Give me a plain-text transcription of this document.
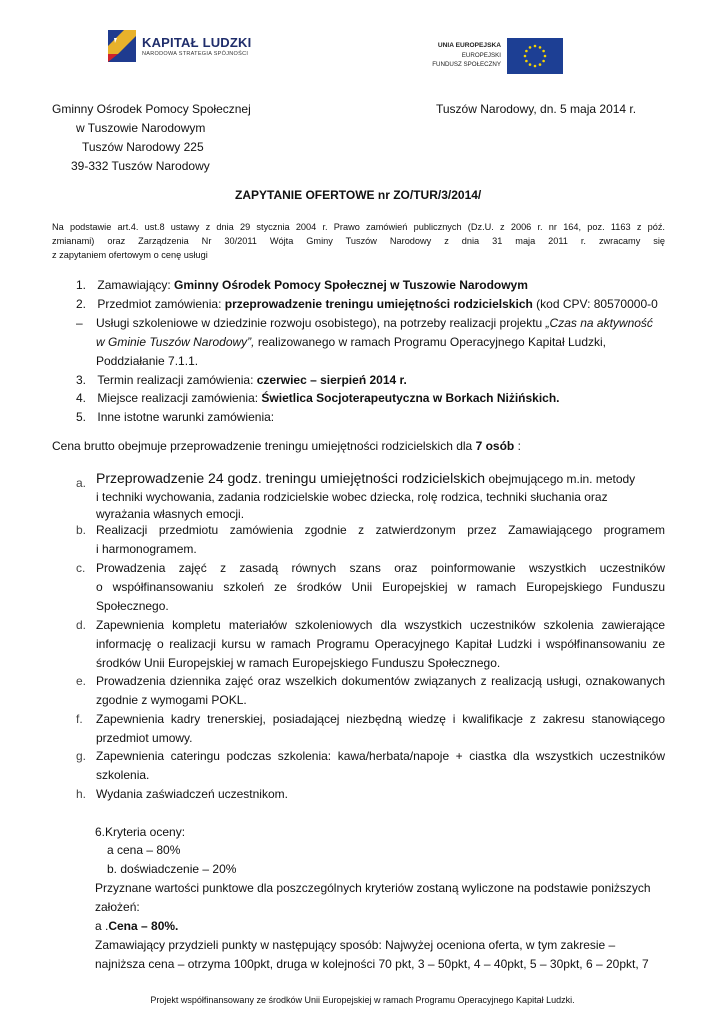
KAPITAŁ LUDZKI
NARODOWA STRATEGIA SPÓJNOŚCI
UNIA EUROPEJSKA
EUROPEJSKI
FUNDUSZ SPOŁECZNY
Gminny Ośrodek Pomocy Społecznej
w Tuszowie Narodowym
Tuszów Narodowy 225
39-332 Tuszów Narodowy
Tuszów Narodowy, dn. 5 maja 2014 r.
ZAPYTANIE OFERTOWE nr ZO/TUR/3/2014/
Na podstawie art.4. ust.8 ustawy z dnia 29 stycznia 2004 r. Prawo zamówień publicznych (Dz.U. z 2006 r. nr 164, poz. 1163 z póź.
zmianami) oraz Zarządzenia Nr 30/2011 Wójta Gminy Tuszów Narodowy z dnia 31 maja 2011 r. zwracamy się
z zapytaniem ofertowym o cenę usługi
1. Zamawiający: Gminny Ośrodek Pomocy Społecznej w Tuszowie Narodowym
2. Przedmiot zamówienia: przeprowadzenie treningu umiejętności rodzicielskich (kod CPV: 80570000-0 –	Usługi szkoleniowe w dziedzinie rozwoju osobistego), na potrzeby realizacji projektu „Czas na aktywność
w Gminie Tuszów Narodowy”, realizowanego w ramach Programu Operacyjnego Kapitał Ludzki,
Poddziałanie 7.1.1.
3. Termin realizacji zamówienia: czerwiec – sierpień 2014 r.
4. Miejsce realizacji zamówienia: Świetlica Socjoterapeutyczna w Borkach Niżińskich.
5. Inne istotne warunki zamówienia:
Cena brutto obejmuje przeprowadzenie treningu umiejętności rodzicielskich dla 7 osób :
a. Przeprowadzenie 24 godz. treningu umiejętności rodzicielskich obejmującego m.in. metody
i techniki wychowania, zadania rodzicielskie wobec dziecka, rolę rodzica, techniki słuchania oraz
wyrażania własnych emocji.
b. Realizacji przedmiotu zamówienia zgodnie z zatwierdzonym przez Zamawiającego programem
i harmonogramem.
c. Prowadzenia zajęć z zasadą równych szans oraz poinformowanie wszystkich uczestników
o współfinansowaniu szkoleń ze środków Unii Europejskiej w ramach Europejskiego Funduszu
Społecznego.
d. Zapewnienia kompletu materiałów szkoleniowych dla wszystkich uczestników szkolenia zawierające
informację o realizacji kursu w ramach Programu Operacyjnego Kapitał Ludzki i współfinansowaniu ze
środków Unii Europejskiej w ramach Europejskiego Funduszu Społecznego.
e. Prowadzenia dziennika zajęć oraz wszelkich dokumentów związanych z realizacją usługi, oznakowanych
zgodnie z wymogami POKL.
f. Zapewnienia kadry trenerskiej, posiadającej niezbędną wiedzę i kwalifikacje z zakresu stanowiącego
przedmiot umowy.
g. Zapewnienia cateringu podczas szkolenia: kawa/herbata/napoje + ciastka dla wszystkich uczestników
szkolenia.
h. Wydania zaświadczeń uczestnikom.
6.Kryteria oceny:
a cena – 80%
b. doświadczenie – 20%
Przyznane wartości punktowe dla poszczególnych kryteriów zostaną wyliczone na podstawie poniższych
założeń:
a .Cena – 80%.
Zamawiający przydzieli punkty w następujący sposób: Najwyżej oceniona oferta, w tym zakresie –
najniższa cena – otrzyma 100pkt, druga w kolejności 70 pkt, 3 – 50pkt, 4 – 40pkt, 5 – 30pkt, 6 – 20pkt, 7
Projekt współfinansowany ze środków Unii Europejskiej w ramach Programu Operacyjnego Kapitał Ludzki.
